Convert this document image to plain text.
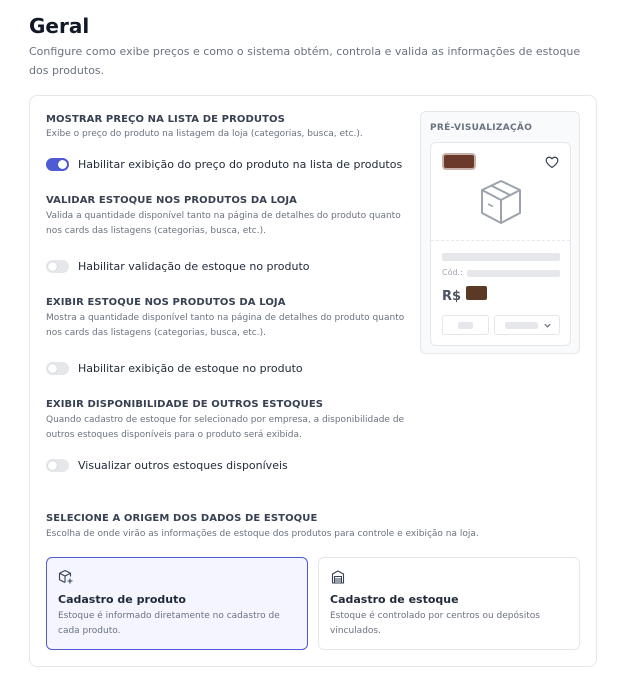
Geral
Configure como exibe preços e como o sistema obtém, controla e valida as informações de estoque dos produtos.
MOSTRAR PREÇO NA LISTA DE PRODUTOS
Exibe o preço do produto na listagem da loja (categorias, busca, etc.).
Habilitar exibição do preço do produto na lista de produtos
VALIDAR ESTOQUE NOS PRODUTOS DA LOJA
Valida a quantidade disponível tanto na página de detalhes do produto quanto nos cards das listagens (categorias, busca, etc.).
Habilitar validação de estoque no produto
EXIBIR ESTOQUE NOS PRODUTOS DA LOJA
Mostra a quantidade disponível tanto na página de detalhes do produto quanto nos cards das listagens (categorias, busca, etc.).
Habilitar exibição de estoque no produto
EXIBIR DISPONIBILIDADE DE OUTROS ESTOQUES
Quando cadastro de estoque for selecionado por empresa, a disponibilidade de outros estoques disponíveis para o produto será exibida.
Visualizar outros estoques disponíveis
PRÉ-VISUALIZAÇÃO
Cód.:
R$
SELECIONE A ORIGEM DOS DADOS DE ESTOQUE
Escolha de onde virão as informações de estoque dos produtos para controle e exibição na loja.
Cadastro de produto
Estoque é informado diretamente no cadastro de cada produto.
Cadastro de estoque
Estoque é controlado por centros ou depósitos vinculados.
